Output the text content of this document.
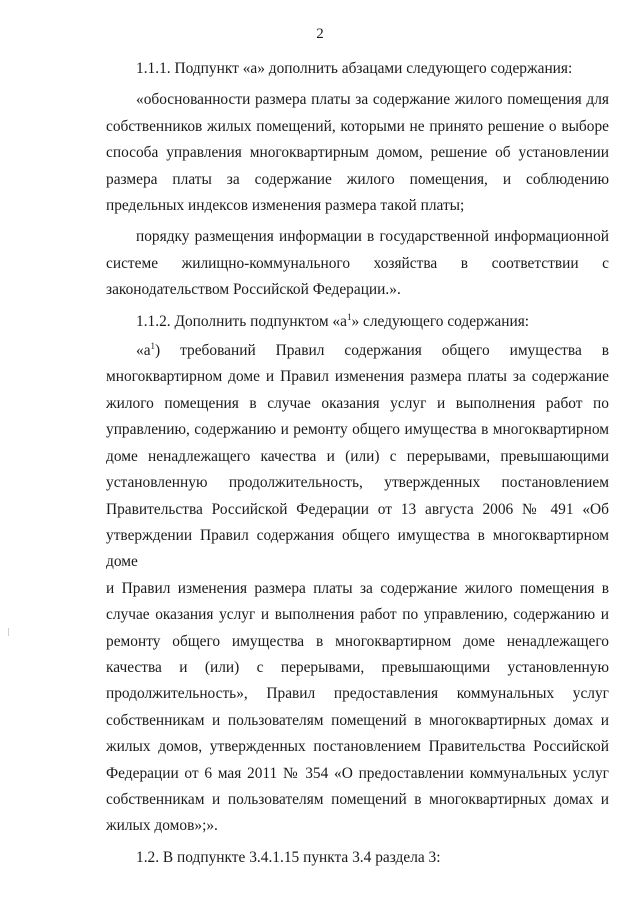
2

1.1.1. Подпункт «а» дополнить абзацами следующего содержания:

«обоснованности размера платы за содержание жилого помещения для собственников жилых помещений, которыми не принято решение о выборе способа управления многоквартирным домом, решение об установлении размера платы за содержание жилого помещения, и соблюдению предельных индексов изменения размера такой платы;

порядку размещения информации в государственной информационной

системе жилищно-коммунального хозяйства в соответствии с

законодательством Российской Федерации.».

1.1.2. Дополнить подпунктом «$а^1$» следующего содержания:

«$а^1$) требований Правил содержания общего имущества в

многоквартирном доме и Правил изменения размера платы за содержание

жилого помещения в случае оказания услуг и выполнения работ по

управлению, содержанию и ремонту общего имущества в многоквартирном

доме ненадлежащего качества и (или) с перерывами, превышающими

установленную продолжительность, утвержденных постановлением

Правительства Российской Федерации от 13 августа 2006 № 491 «Об

утверждении Правил содержания общего имущества в многоквартирном доме

и Правил изменения размера платы за содержание жилого помещения в

случае оказания услуг и выполнения работ по управлению, содержанию и

ремонту общего имущества в многоквартирном доме ненадлежащего

качества и (или) с перерывами, превышающими установленную

продолжительность», Правил предоставления коммунальных услуг

собственникам и пользователям помещений в многоквартирных домах и

жилых домов, утвержденных постановлением Правительства Российской

Федерации от 6 мая 2011 № 354 «О предоставлении коммунальных услуг

собственникам и пользователям помещений в многоквартирных домах и

жилых домов»;».

1.2. В подпункте 3.4.1.15 пункта 3.4 раздела 3:
